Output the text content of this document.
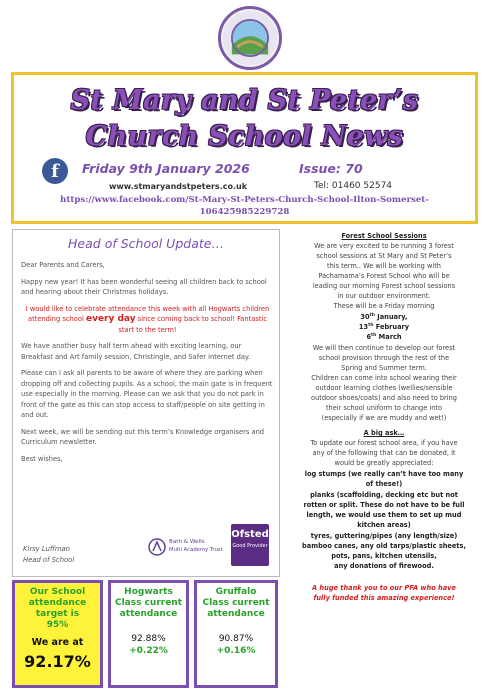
St Mary and St Peter’s
Church School News
f	Friday 9th January 2026	Issue: 70
www.stmaryandstpeters.co.uk	Tel: 01460 52574
https://www.facebook.com/St-Mary-St-Peters-Church-School-Ilton-Somerset-
106425985229728
Head of School Update…

Dear Parents and Carers,

Happy new year! It has been wonderful seeing all children back to school and hearing about their Christmas holidays.

I would like to celebrate attendance this week with all Hogwarts children attending school every day since coming back to school! Fantastic start to the term!

We have another busy half term ahead with exciting learning, our Breakfast and Art family session, Christingle, and Safer internet day.

Please can I ask all parents to be aware of where they are parking when dropping off and collecting pupils. As a school, the main gate is in frequent use especially in the morning. Please can we ask that you do not park in front of the gate as this can stop access to staff/people on site getting in and out.

Next week, we will be sending out this term’s Knowledge organisers and Curriculum newsletter.

Best wishes,

Kirsy Luffman
Head of School
Bath & Wells
Multi Academy Trust
Ofsted
Good Provider
Forest School Sessions
We are very excited to be running 3 forest
school sessions at St Mary and St Peter’s
this term.. We will be working with
Pachamama’s Forest School who will be
leading our morning Forest school sessions
in our outdoor environment.
These will be a Friday morning
30th January,
13th February
6th March
We will then continue to develop our forest
school provision through the rest of the
Spring and Summer term.
Children can come into school wearing their
outdoor learning clothes (wellies/sensible
outdoor shoes/coats) and also need to bring
their school uniform to change into
(especially if we are muddy and wet!)
A big ask…
To update our forest school area, if you have
any of the following that can be donated, it
would be greatly appreciated:
log stumps (we really can’t have too many
of these!)
planks (scaffolding, decking etc but not
rotten or split. These do not have to be full
length, we would use them to set up mud
kitchen areas)
tyres, guttering/pipes (any length/size)
bamboo canes, any old tarps/plastic sheets,
pots, pans, kitchen utensils,
any donations of firewood.
A huge thank you to our PFA who have
fully funded this amazing experience!
Our School
attendance
target is
95%
We are at
92.17%
Hogwarts
Class current
attendance
92.88%
+0.22%
Gruffalo
Class current
attendance
90.87%
+0.16%
